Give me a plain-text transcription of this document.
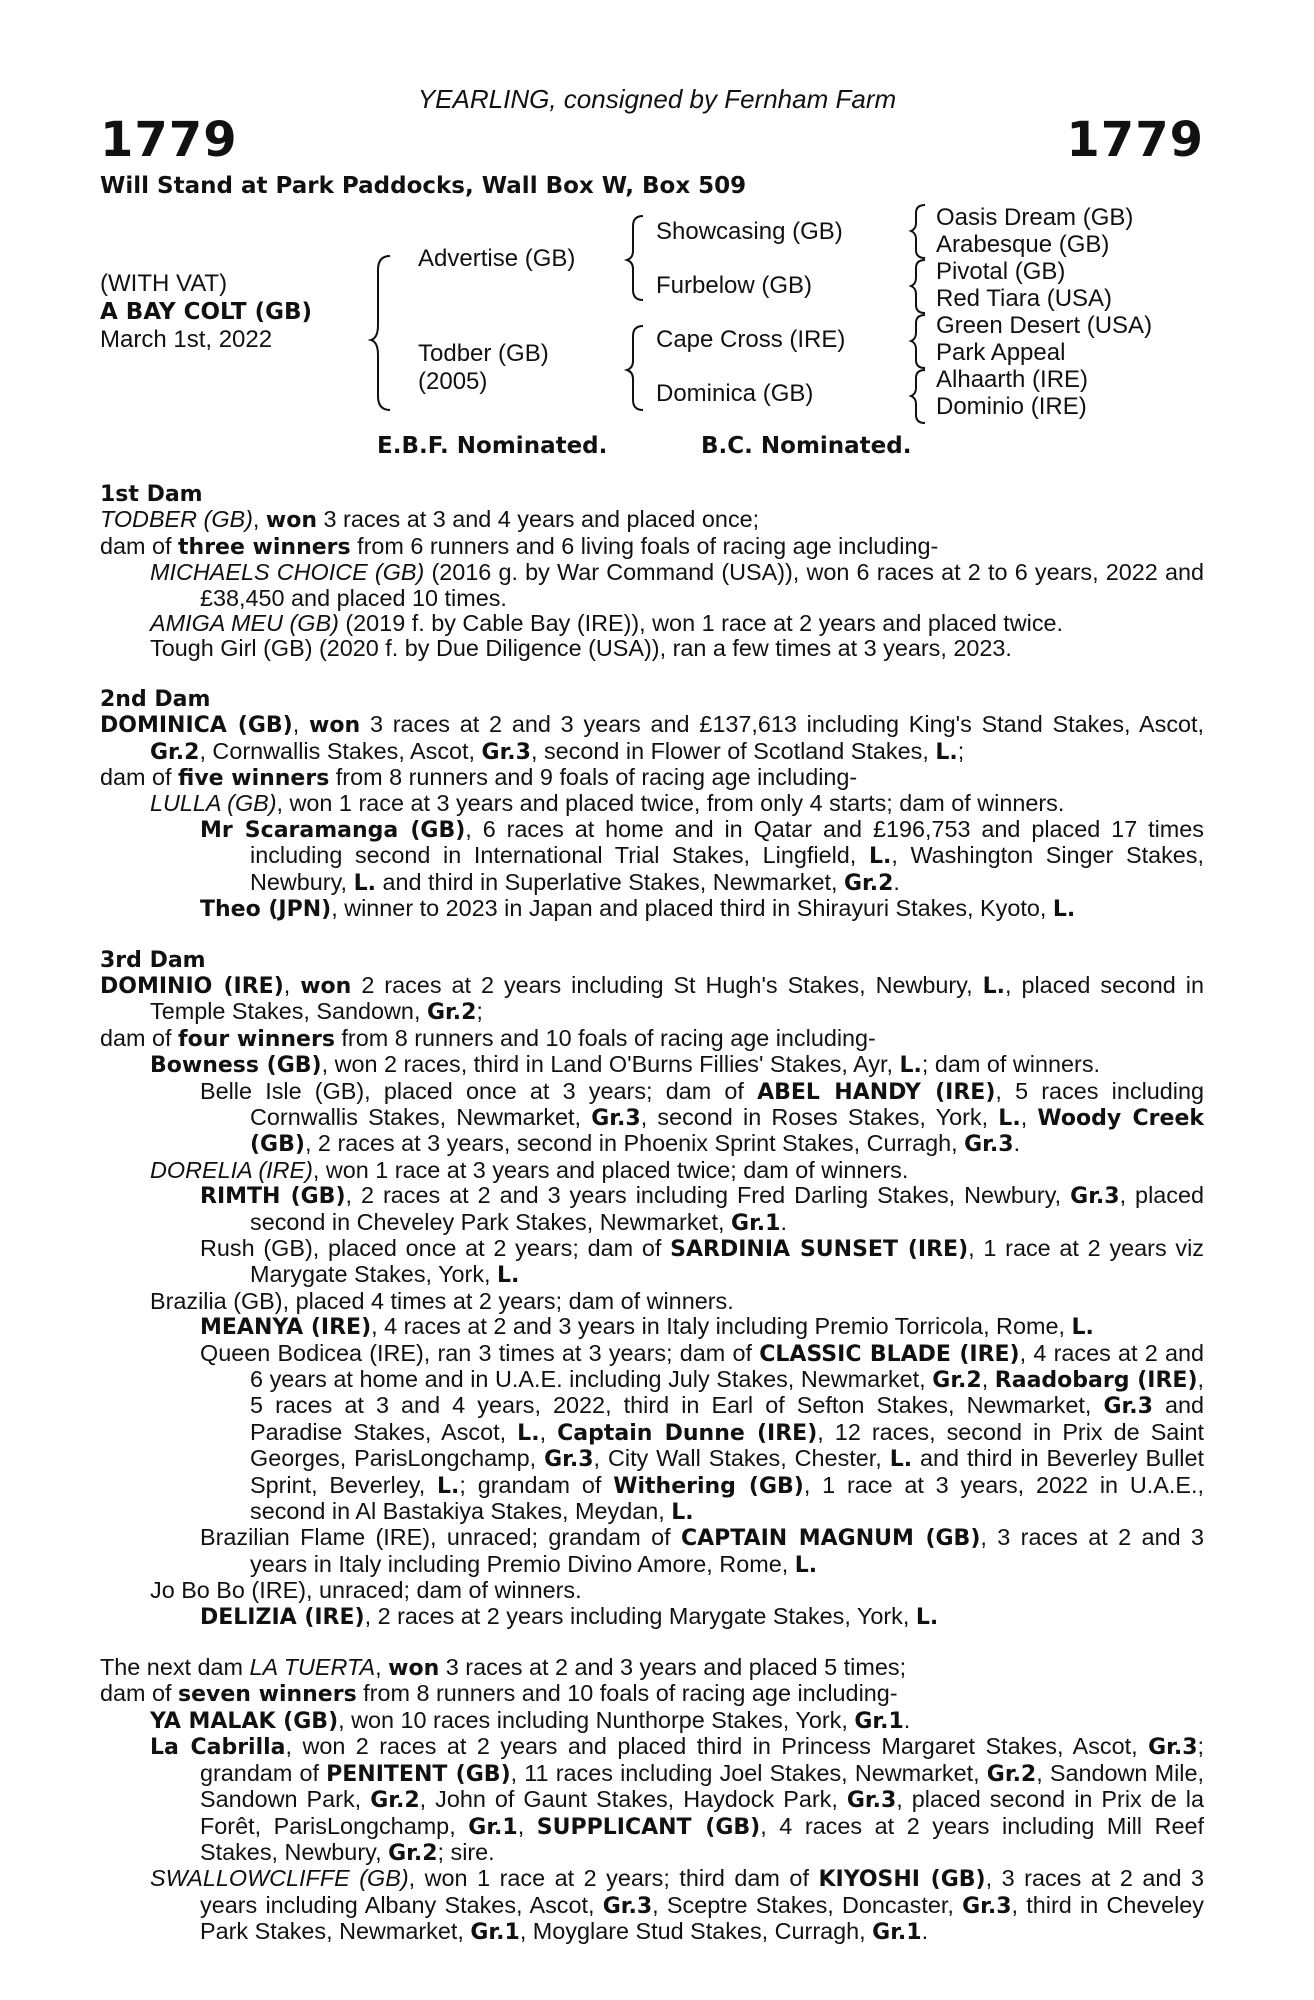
YEARLING, consigned by Fernham Farm
1779	1779
Will Stand at Park Paddocks, Wall Box W, Box 509
(WITH VAT)
A BAY COLT (GB)
March 1st, 2022
Advertise (GB)
Todber (GB)
(2005)
Showcasing (GB)
Furbelow (GB)
Cape Cross (IRE)
Dominica (GB)
Oasis Dream (GB)
Arabesque (GB)
Pivotal (GB)
Red Tiara (USA)
Green Desert (USA)
Park Appeal
Alhaarth (IRE)
Dominio (IRE)
E.B.F. Nominated.	B.C. Nominated.

1st Dam

TODBER (GB), won 3 races at 3 and 4 years and placed once;

dam of three winners from 6 runners and 6 living foals of racing age including-

MICHAELS CHOICE (GB) (2016 g. by War Command (USA)), won 6 races at 2 to 6 years, 2022 and £38,450 and placed 10 times.

AMIGA MEU (GB) (2019 f. by Cable Bay (IRE)), won 1 race at 2 years and placed twice.

Tough Girl (GB) (2020 f. by Due Diligence (USA)), ran a few times at 3 years, 2023.

2nd Dam

DOMINICA (GB), won 3 races at 2 and 3 years and £137,613 including King's Stand Stakes, Ascot, Gr.2, Cornwallis Stakes, Ascot, Gr.3, second in Flower of Scotland Stakes, L.;

dam of five winners from 8 runners and 9 foals of racing age including-

LULLA (GB), won 1 race at 3 years and placed twice, from only 4 starts; dam of winners.

Mr Scaramanga (GB), 6 races at home and in Qatar and £196,753 and placed 17 times including second in International Trial Stakes, Lingfield, L., Washington Singer Stakes, Newbury, L. and third in Superlative Stakes, Newmarket, Gr.2.

Theo (JPN), winner to 2023 in Japan and placed third in Shirayuri Stakes, Kyoto, L.

3rd Dam

DOMINIO (IRE), won 2 races at 2 years including St Hugh's Stakes, Newbury, L., placed second in Temple Stakes, Sandown, Gr.2;

dam of four winners from 8 runners and 10 foals of racing age including-

Bowness (GB), won 2 races, third in Land O'Burns Fillies' Stakes, Ayr, L.; dam of winners.

Belle Isle (GB), placed once at 3 years; dam of ABEL HANDY (IRE), 5 races including Cornwallis Stakes, Newmarket, Gr.3, second in Roses Stakes, York, L., Woody Creek (GB), 2 races at 3 years, second in Phoenix Sprint Stakes, Curragh, Gr.3.

DORELIA (IRE), won 1 race at 3 years and placed twice; dam of winners.

RIMTH (GB), 2 races at 2 and 3 years including Fred Darling Stakes, Newbury, Gr.3, placed second in Cheveley Park Stakes, Newmarket, Gr.1.

Rush (GB), placed once at 2 years; dam of SARDINIA SUNSET (IRE), 1 race at 2 years viz Marygate Stakes, York, L.

Brazilia (GB), placed 4 times at 2 years; dam of winners.

MEANYA (IRE), 4 races at 2 and 3 years in Italy including Premio Torricola, Rome, L.

Queen Bodicea (IRE), ran 3 times at 3 years; dam of CLASSIC BLADE (IRE), 4 races at 2 and 6 years at home and in U.A.E. including July Stakes, Newmarket, Gr.2, Raadobarg (IRE), 5 races at 3 and 4 years, 2022, third in Earl of Sefton Stakes, Newmarket, Gr.3 and Paradise Stakes, Ascot, L., Captain Dunne (IRE), 12 races, second in Prix de Saint Georges, ParisLongchamp, Gr.3, City Wall Stakes, Chester, L. and third in Beverley Bullet Sprint, Beverley, L.; grandam of Withering (GB), 1 race at 3 years, 2022 in U.A.E., second in Al Bastakiya Stakes, Meydan, L.

Brazilian Flame (IRE), unraced; grandam of CAPTAIN MAGNUM (GB), 3 races at 2 and 3 years in Italy including Premio Divino Amore, Rome, L.

Jo Bo Bo (IRE), unraced; dam of winners.

DELIZIA (IRE), 2 races at 2 years including Marygate Stakes, York, L.

The next dam LA TUERTA, won 3 races at 2 and 3 years and placed 5 times;

dam of seven winners from 8 runners and 10 foals of racing age including-

YA MALAK (GB), won 10 races including Nunthorpe Stakes, York, Gr.1.

La Cabrilla, won 2 races at 2 years and placed third in Princess Margaret Stakes, Ascot, Gr.3; grandam of PENITENT (GB), 11 races including Joel Stakes, Newmarket, Gr.2, Sandown Mile, Sandown Park, Gr.2, John of Gaunt Stakes, Haydock Park, Gr.3, placed second in Prix de la Forêt, ParisLongchamp, Gr.1, SUPPLICANT (GB), 4 races at 2 years including Mill Reef Stakes, Newbury, Gr.2; sire.

SWALLOWCLIFFE (GB), won 1 race at 2 years; third dam of KIYOSHI (GB), 3 races at 2 and 3 years including Albany Stakes, Ascot, Gr.3, Sceptre Stakes, Doncaster, Gr.3, third in Cheveley Park Stakes, Newmarket, Gr.1, Moyglare Stud Stakes, Curragh, Gr.1.
